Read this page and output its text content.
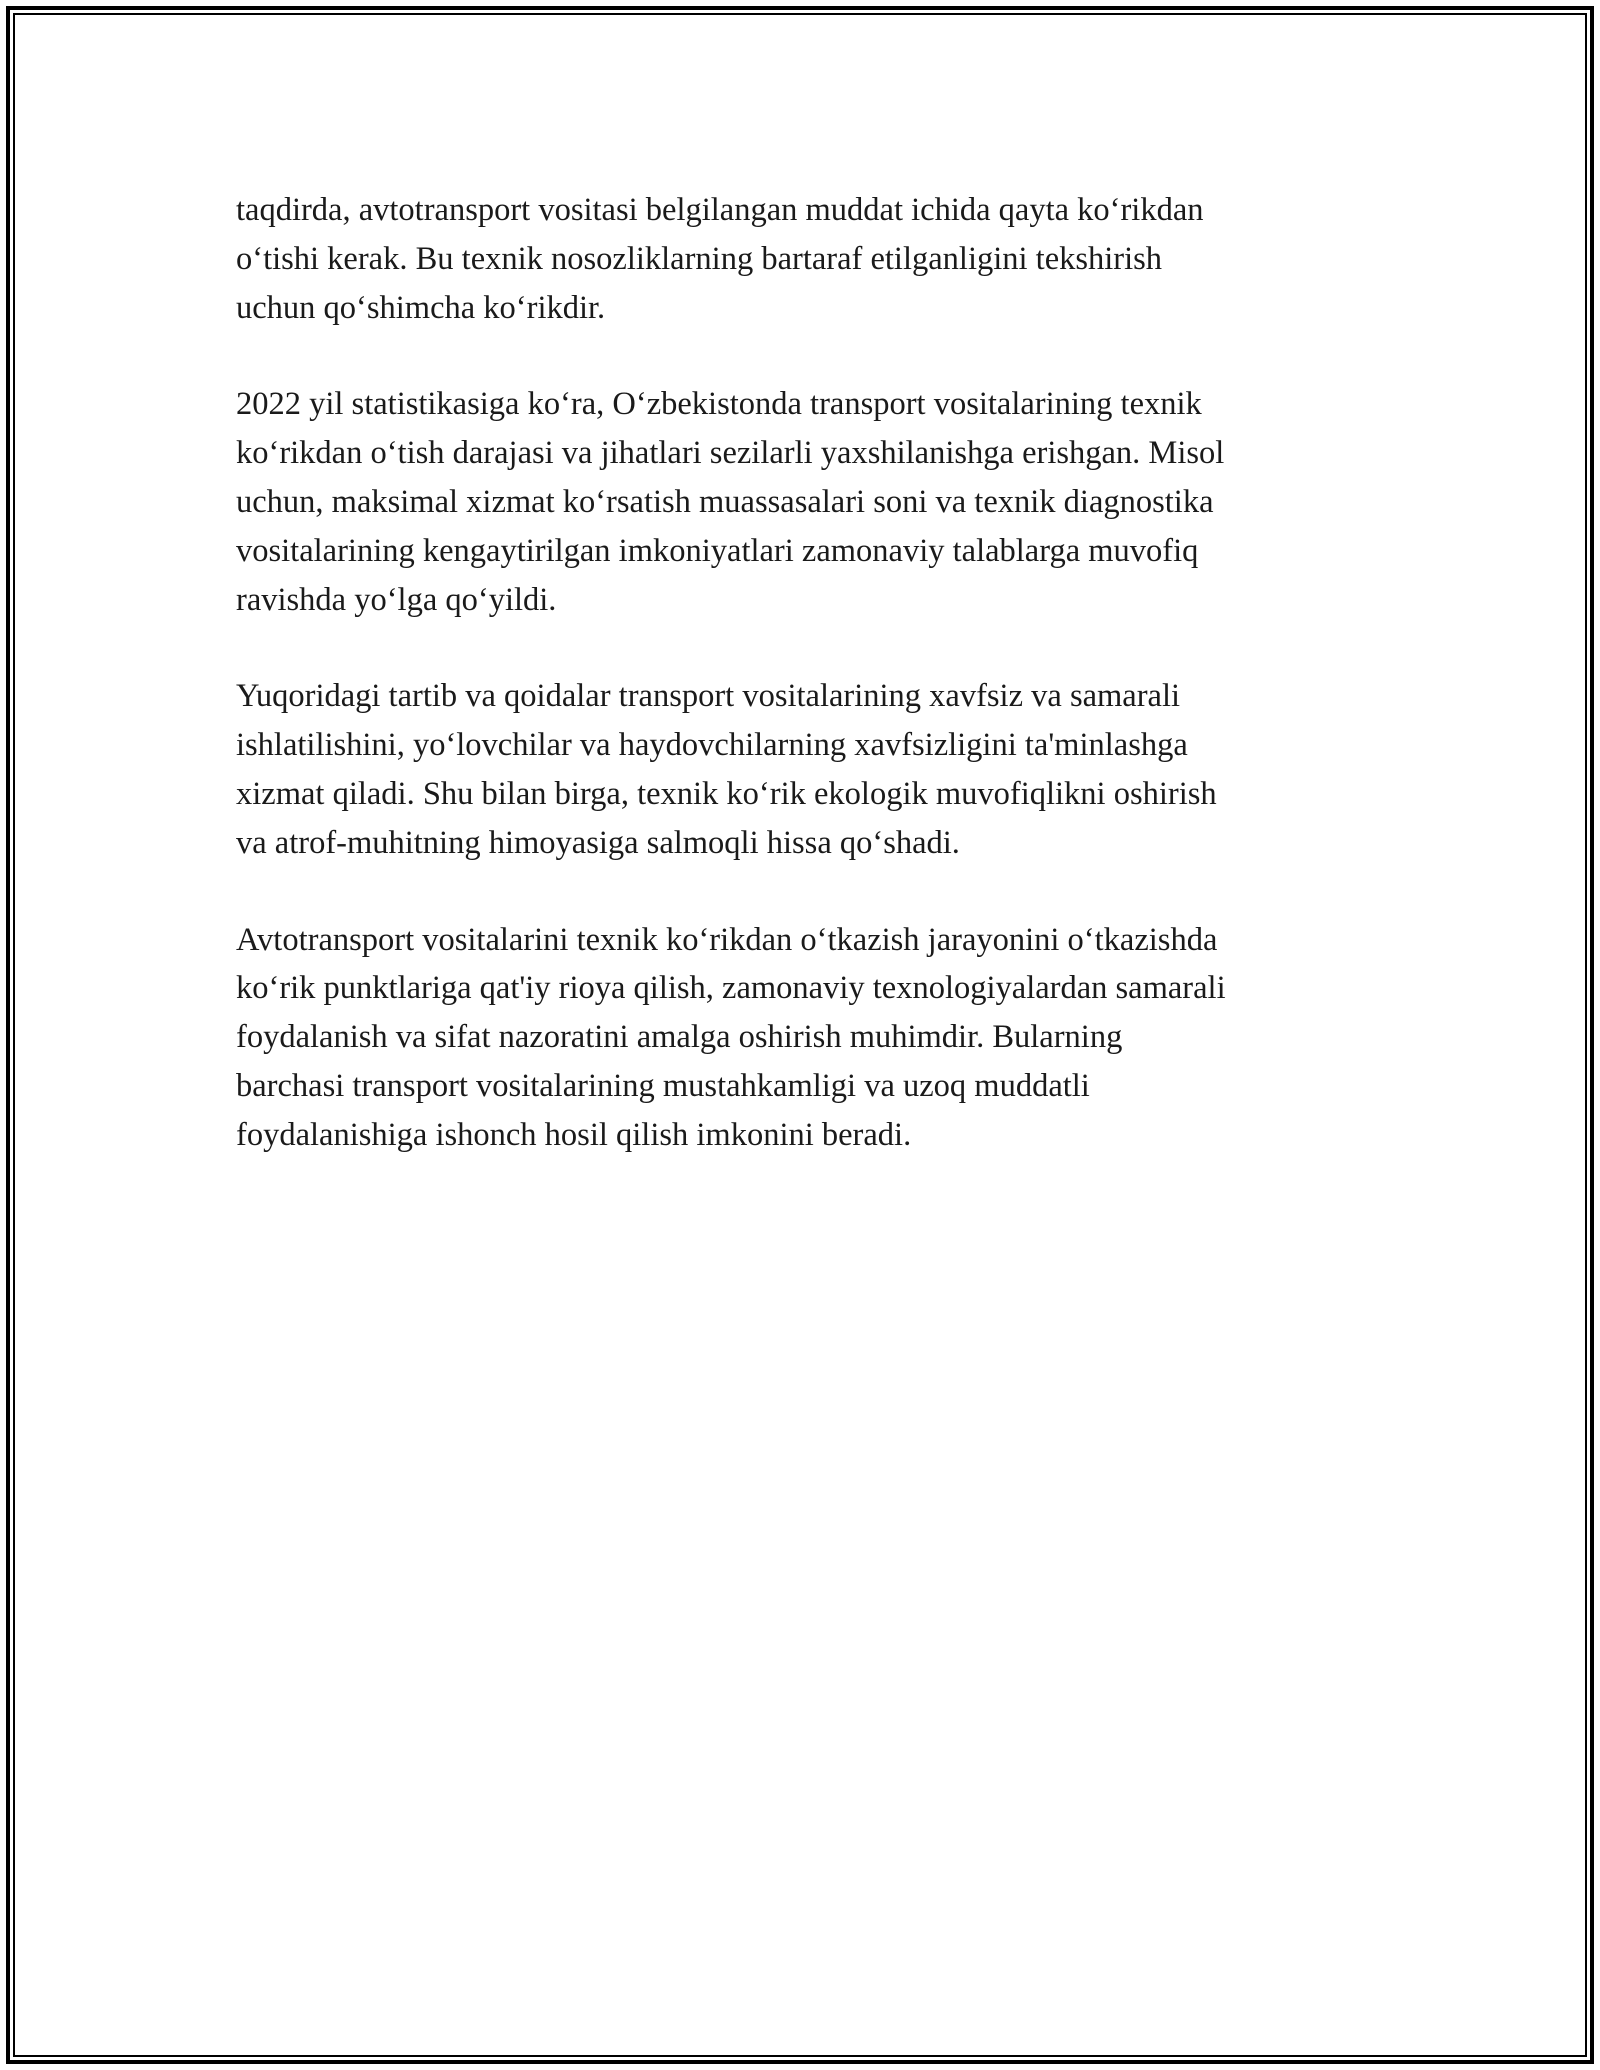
taqdirda, avtotransport vositasi belgilangan muddat ichida qayta koʻrikdan
oʻtishi kerak. Bu texnik nosozliklarning bartaraf etilganligini tekshirish
uchun qoʻshimcha koʻrikdir.

2022 yil statistikasiga koʻra, Oʻzbekistonda transport vositalarining texnik
koʻrikdan oʻtish darajasi va jihatlari sezilarli yaxshilanishga erishgan. Misol
uchun, maksimal xizmat koʻrsatish muassasalari soni va texnik diagnostika
vositalarining kengaytirilgan imkoniyatlari zamonaviy talablarga muvofiq
ravishda yoʻlga qoʻyildi.

Yuqoridagi tartib va qoidalar transport vositalarining xavfsiz va samarali
ishlatilishini, yoʻlovchilar va haydovchilarning xavfsizligini ta'minlashga
xizmat qiladi. Shu bilan birga, texnik koʻrik ekologik muvofiqlikni oshirish
va atrof-muhitning himoyasiga salmoqli hissa qoʻshadi.

Avtotransport vositalarini texnik koʻrikdan oʻtkazish jarayonini oʻtkazishda
koʻrik punktlariga qat'iy rioya qilish, zamonaviy texnologiyalardan samarali
foydalanish va sifat nazoratini amalga oshirish muhimdir. Bularning
barchasi transport vositalarining mustahkamligi va uzoq muddatli
foydalanishiga ishonch hosil qilish imkonini beradi.
